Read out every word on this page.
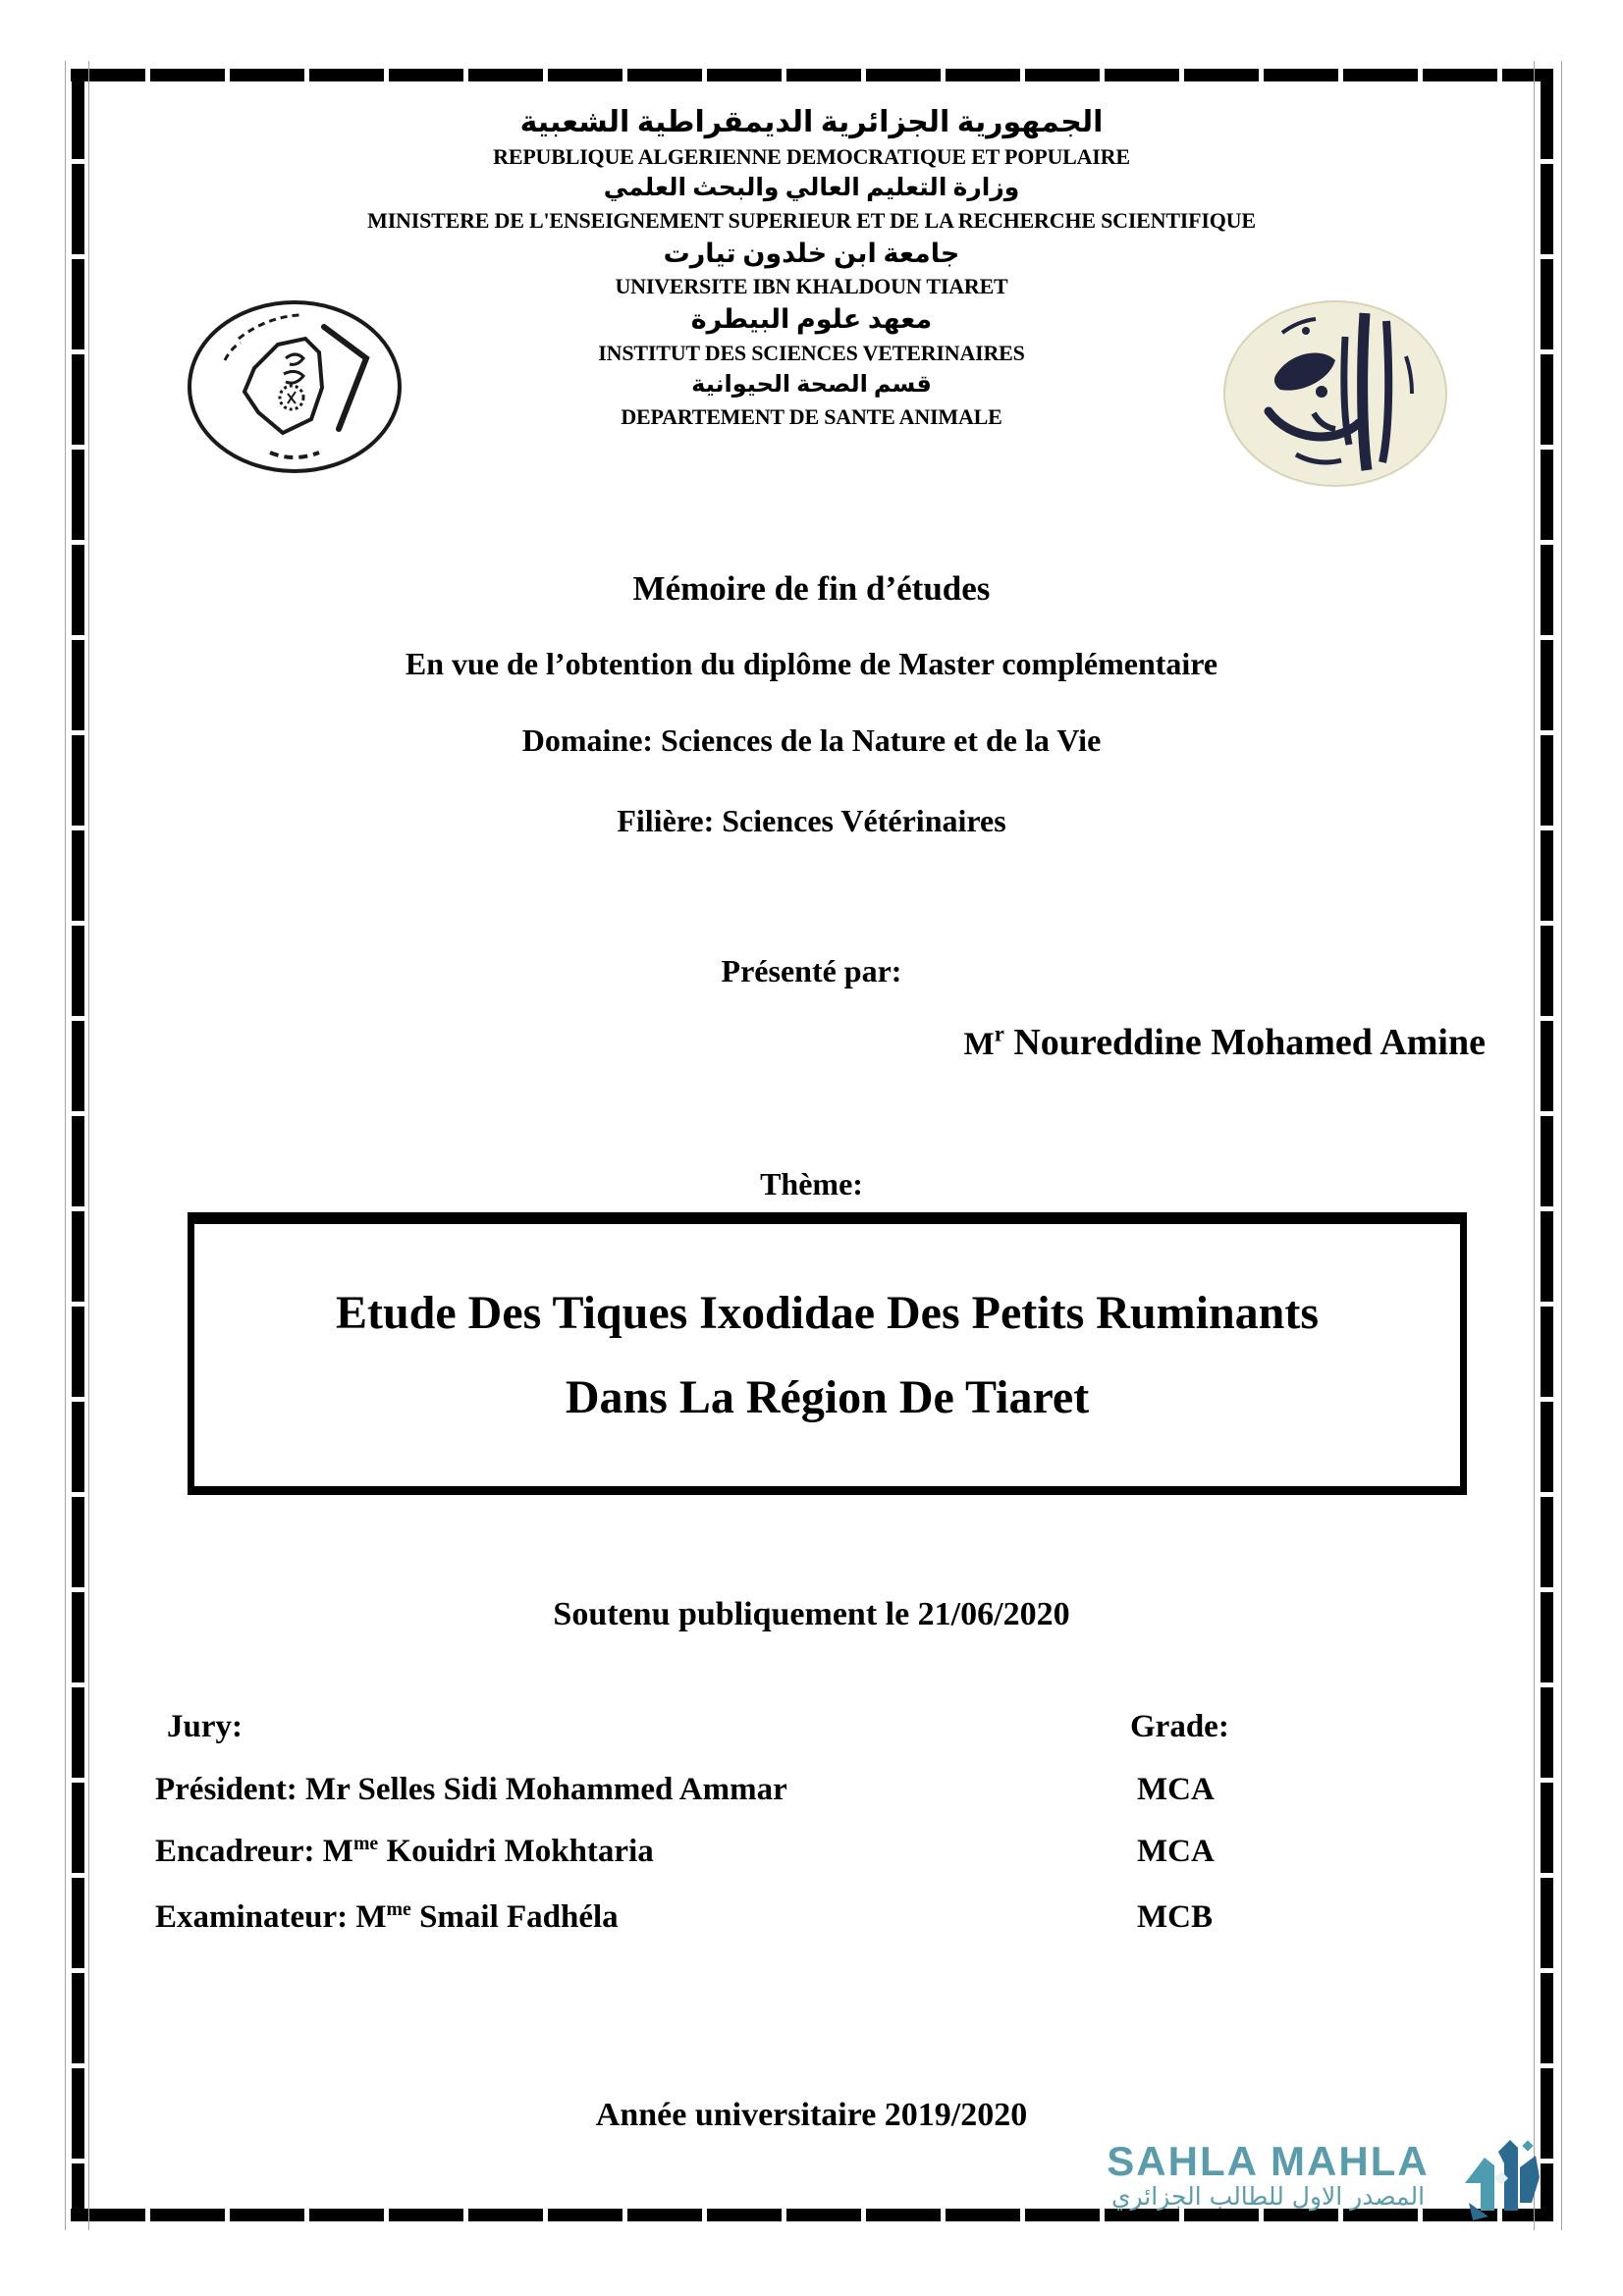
الجمهورية الجزائرية الديمقراطية الشعبية
REPUBLIQUE ALGERIENNE DEMOCRATIQUE ET POPULAIRE
وزارة التعليم العالي والبحث العلمي
MINISTERE DE L'ENSEIGNEMENT SUPERIEUR ET DE LA RECHERCHE SCIENTIFIQUE
جامعة ابن خلدون تيارت
UNIVERSITE IBN KHALDOUN TIARET
معهد علوم البيطرة
INSTITUT DES SCIENCES VETERINAIRES
قسم الصحة الحيوانية
DEPARTEMENT DE SANTE ANIMALE
Mémoire de fin d’études
En vue de l’obtention du diplôme de Master complémentaire
Domaine: Sciences de la Nature et de la Vie
Filière: Sciences Vétérinaires
Présenté par:
$M^r$ Noureddine Mohamed Amine
Thème:
Etude Des Tiques Ixodidae Des Petits Ruminants
Dans La Région De Tiaret
Soutenu publiquement le 21/06/2020
Jury:	Grade:
Président: Mr Selles Sidi Mohammed Ammar	MCA
Encadreur: $M^{me}$ Kouidri Mokhtaria	MCA
Examinateur: $M^{me}$ Smail Fadhéla	MCB
Année universitaire 2019/2020
SAHLA MAHLA
المصدر الاول للطالب الجزائري
